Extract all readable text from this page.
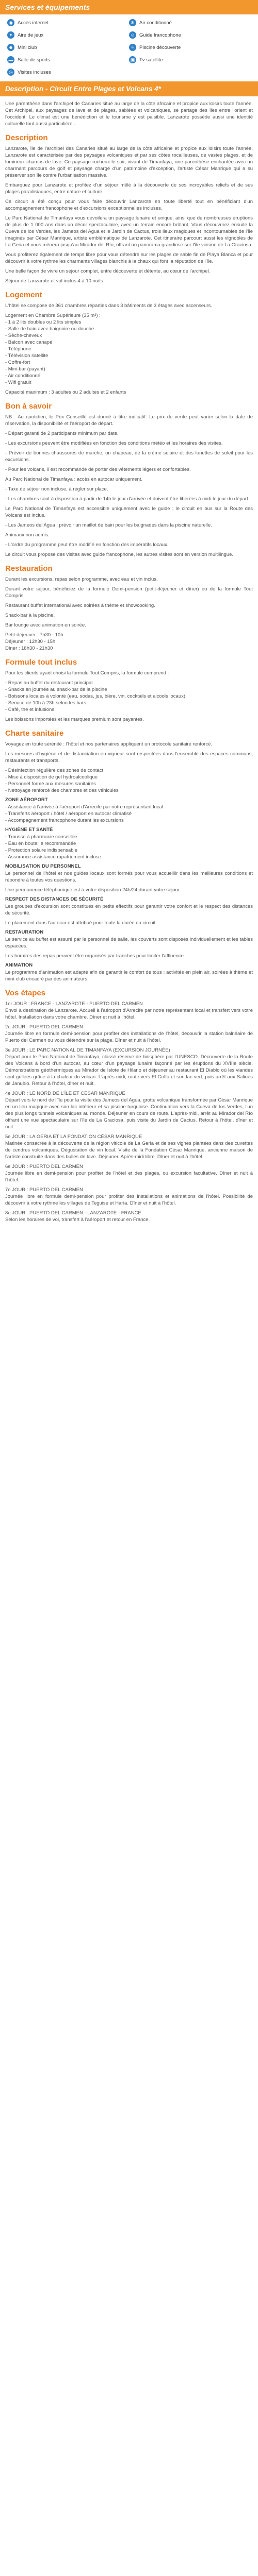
Services et équipements
◉ Accès internet	✻ Air conditionné
✦ Aire de jeux	☺ Guide francophone
☻ Mini club	≈	Piscine découverte
▬ Salle de sports	▣ Tv satellite
◎ Visites incluses
Description - Circuit Entre Plages et Volcans 4*

Une parenthèse dans l'archipel de Canaries situé au large de la côte africaine et propice aux loisirs toute l'année. Cet Archipel, aux paysages de lave et de plages, sablées et volcaniques, se partage des îles entre l'orient et l'occident. Le climat est une bénédiction et le tourisme y est paisible. Lanzarote possède aussi une identité culturelle tout aussi particulière...

Description

Lanzarote, île de l'archipel des Canaries situé au large de la côte africaine et propice aux loisirs toute l'année, Lanzarote est caractérisée par des paysages volcaniques et par ses côtes rocailleuses, de vastes plages, et de lumineux champs de lave. Ce paysage rocheux le soir, vivant de Timanfaya, une parenthèse enchantée avec un charmant parcours de golf et paysage chargé d'un patrimoine d'exception, l'artiste César Manrique qui a su préserver son île contre l'urbanisation massive.

Embarquez pour Lanzarote et profitez d'un séjour mêlé à la découverte de ses incroyables reliefs et de ses plages paradisiaques, entre nature et culture.

Ce circuit a été conçu pour vous faire découvrir Lanzarote en toute liberté tout en bénéficiant d'un accompagnement francophone et d'excursions exceptionnelles incluses.

Le Parc National de Timanfaya vous dévoilera un paysage lunaire et unique, ainsi que de nombreuses éruptions de plus de 1 000 ans dans un décor spectaculaire, avec un terrain encore brûlant. Vous découvrirez ensuite la Cueva de los Verdes, les Jameos del Agua et le Jardin de Cactus, trois lieux magiques et incontournables de l'île imaginés par César Manrique, artiste emblématique de Lanzarote. Cet itinéraire parcourt aussi les vignobles de La Geria et vous mènera jusqu'au Mirador del Río, offrant un panorama grandiose sur l'île voisine de La Graciosa.

Vous profiterez également de temps libre pour vous détendre sur les plages de sable fin de Playa Blanca et pour découvrir à votre rythme les charmants villages blanchis à la chaux qui font la réputation de l'île.

Une belle façon de vivre un séjour complet, entre découverte et détente, au cœur de l'archipel.

Séjour de Lanzarote et vol inclus 4 à 10 nuits

Logement

L'hôtel se compose de 361 chambres réparties dans 3 bâtiments de 3 étages avec ascenseurs.

Logement en Chambre Supérieure (35 m²) :

- 1 à 2 lits doubles ou 2 lits simples

- Salle de bain avec baignoire ou douche

- Sèche-cheveux

- Balcon avec canapé

- Téléphone

- Télévision satellite

- Coffre-fort

- Mini-bar (payant)

- Air conditionné

- Wifi gratuit

Capacité maximum : 3 adultes ou 2 adultes et 2 enfants

Bon à savoir

NB : Au quotidien, le Prix Conseillé est donné à titre indicatif. Le prix de vente peut varier selon la date de réservation, la disponibilité et l'aéroport de départ.

- Départ garanti de 2 participants minimum par date.

- Les excursions peuvent être modifiées en fonction des conditions météo et les horaires des visites.

- Prévoir de bonnes chaussures de marche, un chapeau, de la crème solaire et des lunettes de soleil pour les excursions.

- Pour les volcans, il est recommandé de porter des vêtements légers et confortables.

Au Parc National de Timanfaya : accès en autocar uniquement.

- Taxe de séjour non incluse, à régler sur place.

- Les chambres sont à disposition à partir de 14h le jour d'arrivée et doivent être libérées à midi le jour du départ.

Le Parc National de Timanfaya est accessible uniquement avec le guide ; le circuit en bus sur la Route des Volcans est inclus.

- Les Jameos del Agua : prévoir un maillot de bain pour les baignades dans la piscine naturelle.

Animaux non admis.

- L'ordre du programme peut être modifié en fonction des impératifs locaux.

Le circuit vous propose des visites avec guide francophone, les autres visites sont en version multilingue.

Restauration

Durant les excursions, repas selon programme, avec eau et vin inclus.

Durant votre séjour, bénéficiez de la formule Demi-pension (petit-déjeuner et dîner) ou de la formule Tout Compris.

Restaurant buffet international avec soirées à thème et showcooking.

Snack-bar à la piscine.

Bar lounge avec animation en soirée.

Petit-déjeuner : 7h30 - 10h

Déjeuner : 12h30 - 15h

Dîner : 18h30 - 21h30

Formule tout inclus

Pour les clients ayant choisi la formule Tout Compris, la formule comprend :

- Repas au buffet du restaurant principal

- Snacks en journée au snack-bar de la piscine

- Boissons locales à volonté (eau, sodas, jus, bière, vin, cocktails et alcools locaux)

- Service de 10h à 23h selon les bars

- Café, thé et infusions

Les boissons importées et les marques premium sont payantes.

Charte sanitaire

Voyagez en toute sérénité : l'hôtel et nos partenaires appliquent un protocole sanitaire renforcé.

Les mesures d'hygiène et de distanciation en vigueur sont respectées dans l'ensemble des espaces communs, restaurants et transports.

- Désinfection régulière des zones de contact

- Mise à disposition de gel hydroalcoolique

- Personnel formé aux mesures sanitaires

- Nettoyage renforcé des chambres et des véhicules

ZONE AÉROPORT

- Assistance à l'arrivée à l'aéroport d'Arrecife par notre représentant local

- Transferts aéroport / hôtel / aéroport en autocar climatisé

- Accompagnement francophone durant les excursions

HYGIÈNE ET SANTÉ

- Trousse à pharmacie conseillée

- Eau en bouteille recommandée

- Protection solaire indispensable

- Assurance assistance rapatriement incluse

MOBILISATION DU PERSONNEL

Le personnel de l'hôtel et nos guides locaux sont formés pour vous accueillir dans les meilleures conditions et répondre à toutes vos questions.

Une permanence téléphonique est à votre disposition 24h/24 durant votre séjour.

RESPECT DES DISTANCES DE SÉCURITÉ

Les groupes d'excursion sont constitués en petits effectifs pour garantir votre confort et le respect des distances de sécurité.

Le placement dans l'autocar est attribué pour toute la durée du circuit.

RESTAURATION

Le service au buffet est assuré par le personnel de salle, les couverts sont disposés individuellement et les tables espacées.

Les horaires des repas peuvent être organisés par tranches pour limiter l'affluence.

ANIMATION

Le programme d'animation est adapté afin de garantir le confort de tous : activités en plein air, soirées à thème et mini-club encadré par des animateurs.

Vos étapes

1er JOUR : FRANCE - LANZAROTE - PUERTO DEL CARMEN

Envol à destination de Lanzarote. Accueil à l'aéroport d'Arrecife par notre représentant local et transfert vers votre hôtel. Installation dans votre chambre. Dîner et nuit à l'hôtel.

2e JOUR : PUERTO DEL CARMEN

Journée libre en formule demi-pension pour profiter des installations de l'hôtel, découvrir la station balnéaire de Puerto del Carmen ou vous détendre sur la plage. Dîner et nuit à l'hôtel.

3e JOUR : LE PARC NATIONAL DE TIMANFAYA (EXCURSION JOURNÉE)

Départ pour le Parc National de Timanfaya, classé réserve de biosphère par l'UNESCO. Découverte de la Route des Volcans à bord d'un autocar, au cœur d'un paysage lunaire façonné par les éruptions du XVIIIe siècle. Démonstrations géothermiques au Mirador de Islote de Hilario et déjeuner au restaurant El Diablo où les viandes sont grillées grâce à la chaleur du volcan. L'après-midi, route vers El Golfo et son lac vert, puis arrêt aux Salines de Janubio. Retour à l'hôtel, dîner et nuit.

4e JOUR : LE NORD DE L'ÎLE ET CÉSAR MANRIQUE

Départ vers le nord de l'île pour la visite des Jameos del Agua, grotte volcanique transformée par César Manrique en un lieu magique avec son lac intérieur et sa piscine turquoise. Continuation vers la Cueva de los Verdes, l'un des plus longs tunnels volcaniques au monde. Déjeuner en cours de route. L'après-midi, arrêt au Mirador del Río offrant une vue spectaculaire sur l'île de La Graciosa, puis visite du Jardin de Cactus. Retour à l'hôtel, dîner et nuit.

5e JOUR : LA GERIA ET LA FONDATION CÉSAR MANRIQUE

Matinée consacrée à la découverte de la région viticole de La Geria et de ses vignes plantées dans des cuvettes de cendres volcaniques. Dégustation de vin local. Visite de la Fondation César Manrique, ancienne maison de l'artiste construite dans des bulles de lave. Déjeuner. Après-midi libre. Dîner et nuit à l'hôtel.

6e JOUR : PUERTO DEL CARMEN

Journée libre en demi-pension pour profiter de l'hôtel et des plages, ou excursion facultative. Dîner et nuit à l'hôtel.

7e JOUR : PUERTO DEL CARMEN

Journée libre en formule demi-pension pour profiter des installations et animations de l'hôtel. Possibilité de découvrir à votre rythme les villages de Teguise et Haría. Dîner et nuit à l'hôtel.

8e JOUR : PUERTO DEL CARMEN - LANZAROTE - FRANCE

Selon les horaires de vol, transfert à l'aéroport et retour en France.
